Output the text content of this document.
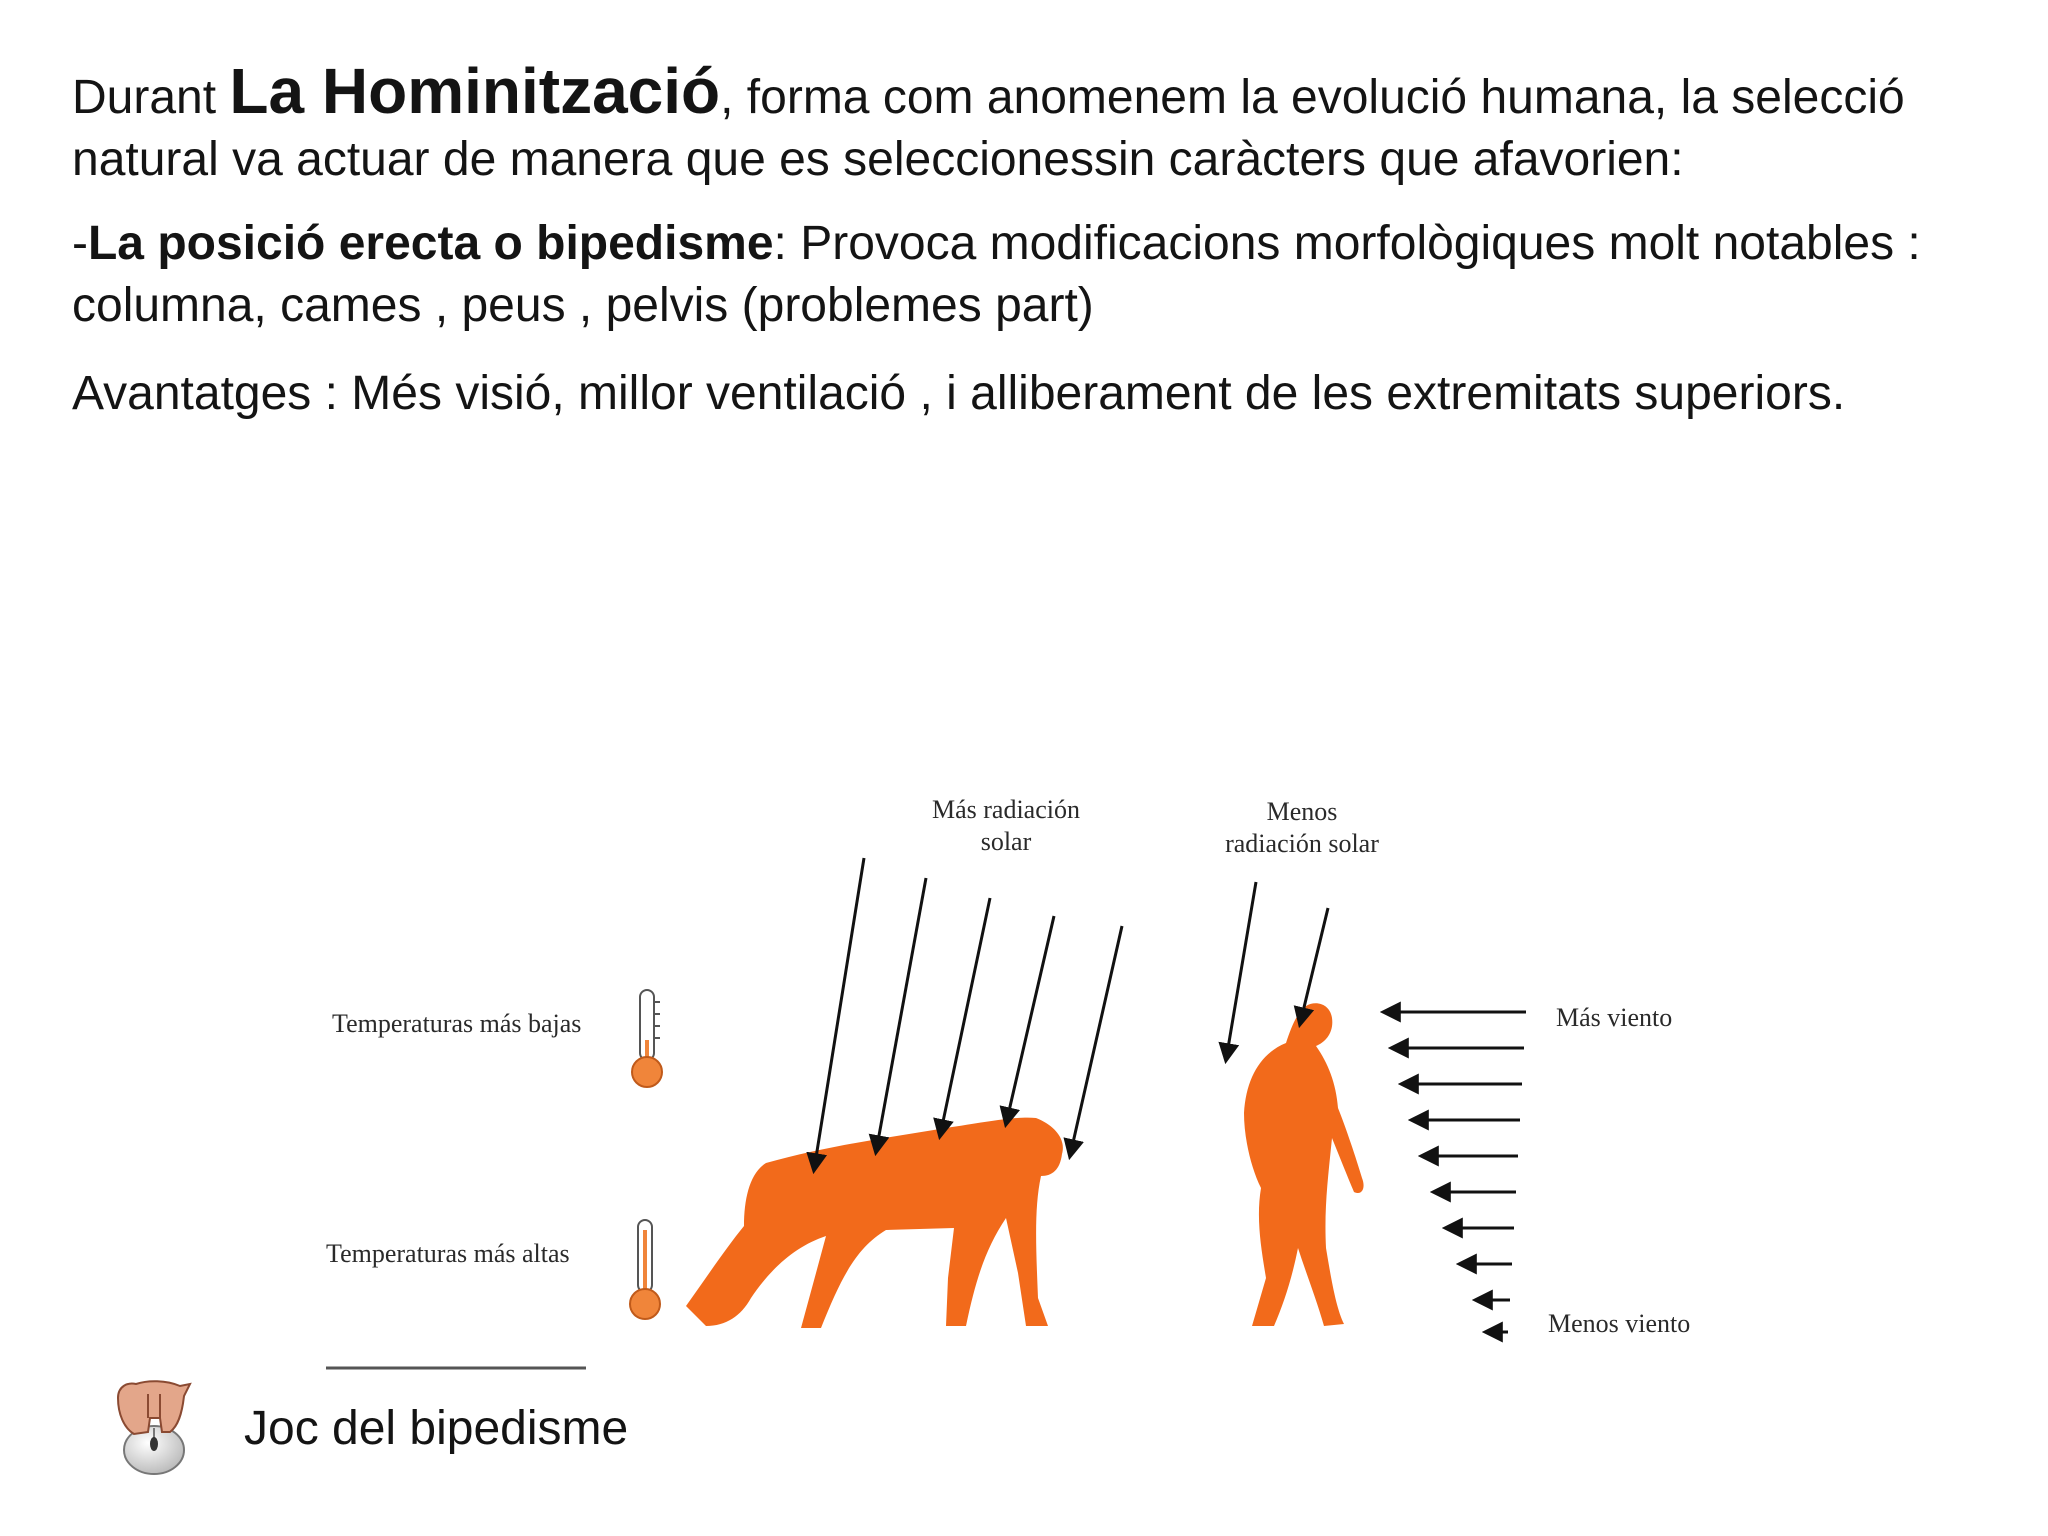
Durant La Hominització, forma com anomenem la evolució humana, la selecció natural va actuar de manera que es seleccionessin caràcters que afavorien:

-La posició erecta o bipedisme: Provoca modificacions morfològiques molt notables : columna, cames , peus , pelvis (problemes part)

Avantatges : Més visió, millor ventilació , i alliberament de les extremitats superiors.

Más radiación
solar
Menos
radiación solar
Temperaturas más bajas
Temperaturas más altas
Más viento
Menos viento
Joc del bipedisme
